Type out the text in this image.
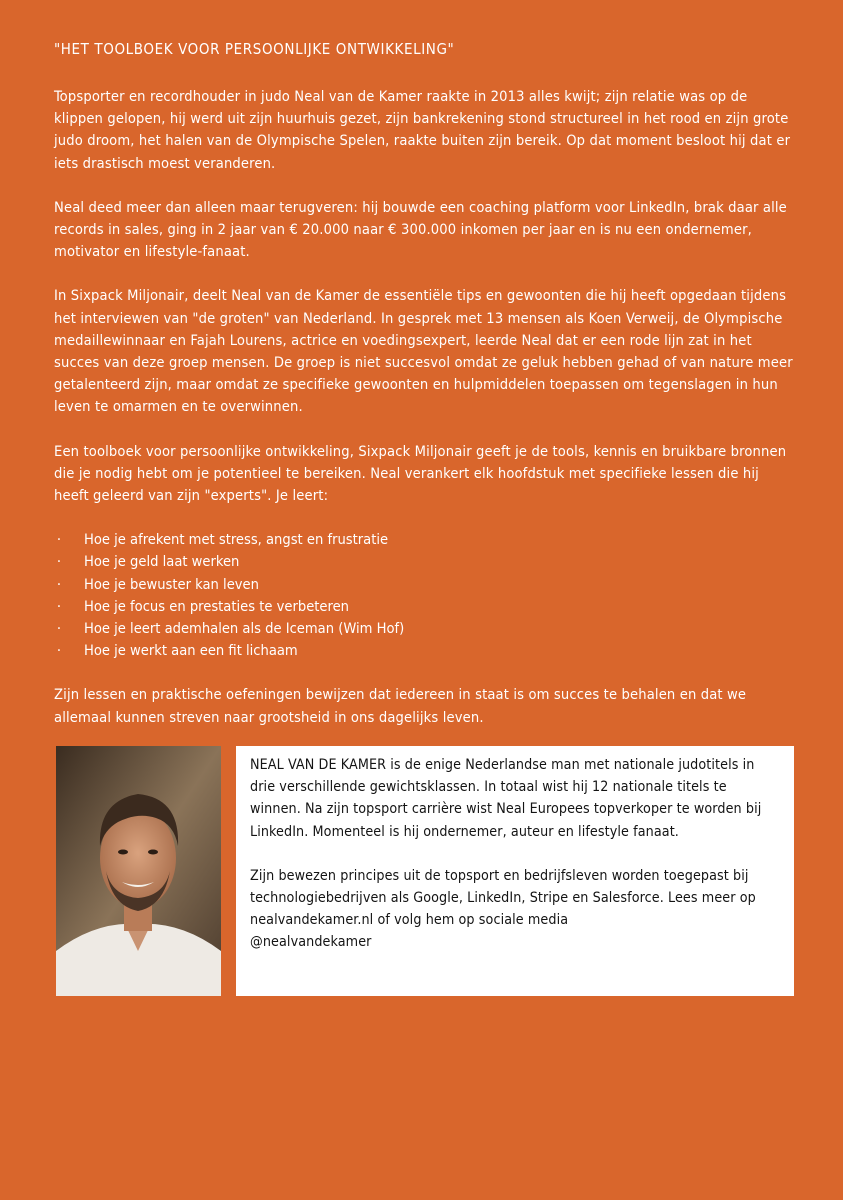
"HET TOOLBOEK VOOR PERSOONLIJKE ONTWIKKELING"

Topsporter en recordhouder in judo Neal van de Kamer raakte in 2013 alles kwijt; zijn relatie was op de klippen gelopen, hij werd uit zijn huurhuis gezet, zijn bankrekening stond structureel in het rood en zijn grote judo droom, het halen van de Olympische Spelen, raakte buiten zijn bereik. Op dat moment besloot hij dat er iets drastisch moest veranderen.

Neal deed meer dan alleen maar terugveren: hij bouwde een coaching platform voor LinkedIn, brak daar alle records in sales, ging in 2 jaar van € 20.000 naar € 300.000 inkomen per jaar en is nu een ondernemer, motivator en lifestyle-fanaat.

In Sixpack Miljonair, deelt Neal van de Kamer de essentiële tips en gewoonten die hij heeft opgedaan tijdens het interviewen van "de groten" van Nederland. In gesprek met 13 mensen als Koen Verweij, de Olympische medaillewinnaar en Fajah Lourens, actrice en voedingsexpert, leerde Neal dat er een rode lijn zat in het succes van deze groep mensen. De groep is niet succesvol omdat ze geluk hebben gehad of van nature meer getalenteerd zijn, maar omdat ze specifieke gewoonten en hulpmiddelen toepassen om tegenslagen in hun leven te omarmen en te overwinnen.

Een toolboek voor persoonlijke ontwikkeling, Sixpack Miljonair geeft je de tools, kennis en bruikbare bronnen die je nodig hebt om je potentieel te bereiken. Neal verankert elk hoofdstuk met specifieke lessen die hij heeft geleerd van zijn "experts". Je leert:

· Hoe je afrekent met stress, angst en frustratie
· Hoe je geld laat werken
· Hoe je bewuster kan leven
· Hoe je focus en prestaties te verbeteren
· Hoe je leert ademhalen als de Iceman (Wim Hof)
· Hoe je werkt aan een fit lichaam

Zijn lessen en praktische oefeningen bewijzen dat iedereen in staat is om succes te behalen en dat we allemaal kunnen streven naar grootsheid in ons dagelijks leven.

NEAL VAN DE KAMER is de enige Nederlandse man met nationale judotitels in drie verschillende gewichtsklassen. In totaal wist hij 12 nationale titels te winnen. Na zijn topsport carrière wist Neal Europees topverkoper te worden bij LinkedIn. Momenteel is hij ondernemer, auteur en lifestyle fanaat.

Zijn bewezen principes uit de topsport en bedrijfsleven worden toegepast bij technologiebedrijven als Google, LinkedIn, Stripe en Salesforce. Lees meer op nealvandekamer.nl of volg hem op sociale media
@nealvandekamer
